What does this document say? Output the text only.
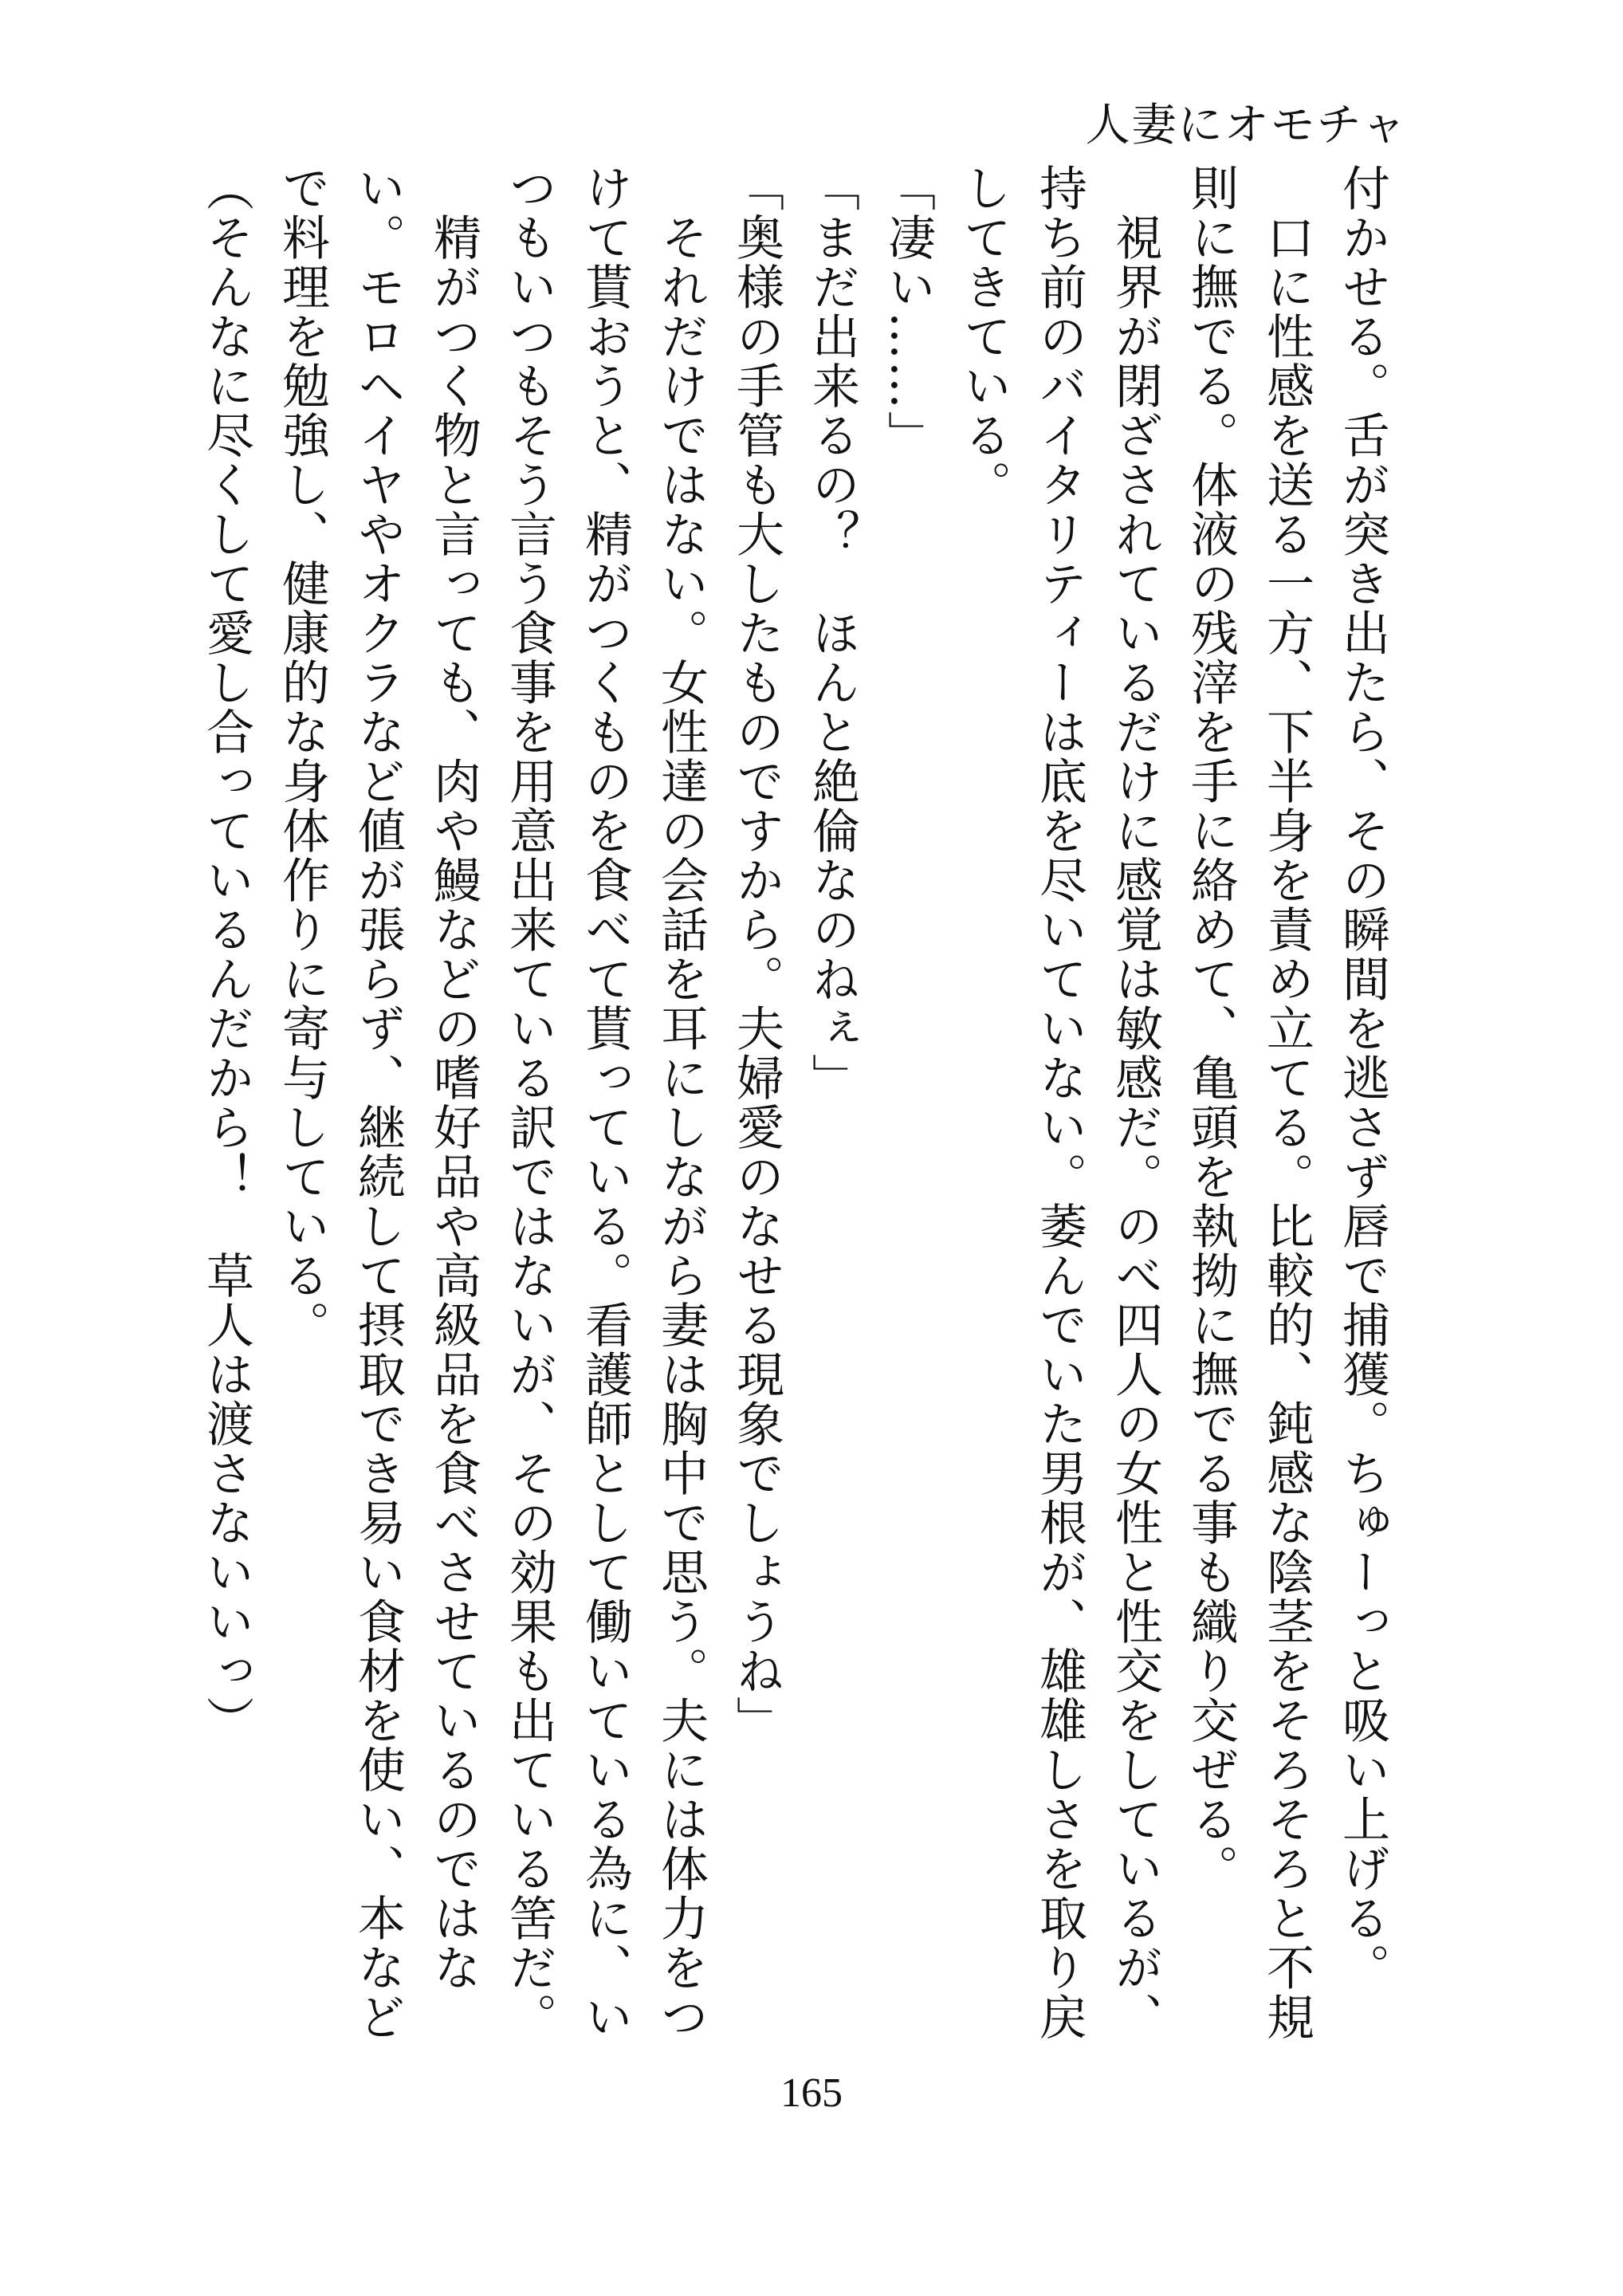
人妻にオモチャ

付かせる。舌が突き出たら、その瞬間を逃さず唇で捕獲。ちゅーっと吸い上げる。

　口に性感を送る一方、下半身を責め立てる。比較的、鈍感な陰茎をそろそろと不規

則に撫でる。体液の残滓を手に絡めて、亀頭を執拗に撫でる事も織り交ぜる。

　視界が閉ざされているだけに感覚は敏感だ。のべ四人の女性と性交をしているが、

持ち前のバイタリティーは底を尽いていない。萎んでいた男根が、雄雄しさを取り戻

してきている。

「凄い……」

「まだ出来るの？　ほんと絶倫なのねぇ」

「奥様の手管も大したものですから。夫婦愛のなせる現象でしょうね」

　それだけではない。女性達の会話を耳にしながら妻は胸中で思う。夫には体力をつ

けて貰おうと、精がつくものを食べて貰っている。看護師として働いている為に、い

つもいつもそう言う食事を用意出来ている訳ではないが、その効果も出ている筈だ。

　精がつく物と言っても、肉や鰻などの嗜好品や高級品を食べさせているのではな

い。モロヘイヤやオクラなど値が張らず、継続して摂取でき易い食材を使い、本など

で料理を勉強し、健康的な身体作りに寄与している。

（そんなに尽くして愛し合っているんだから！　草人は渡さないいっ）

165
